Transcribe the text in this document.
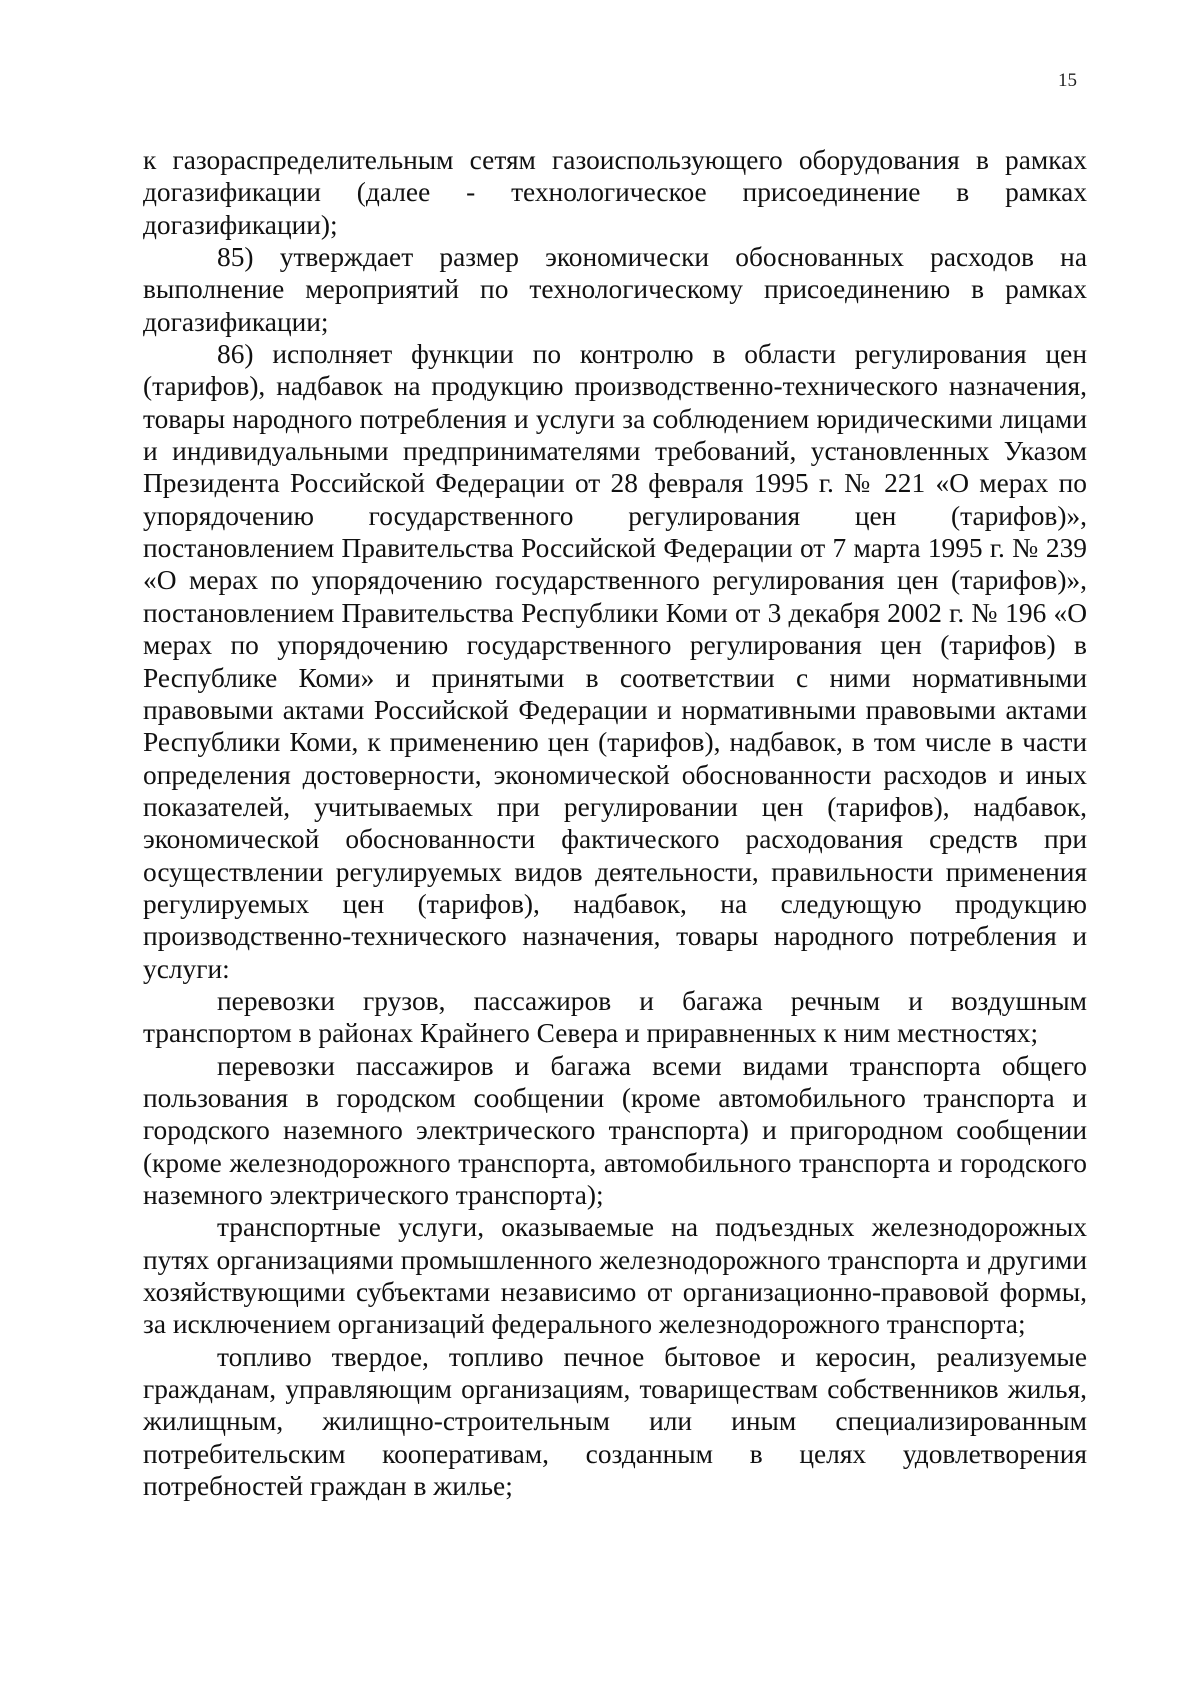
15

к газораспределительным сетям газоиспользующего оборудования в рамках догазификации (далее - технологическое присоединение в рамках догазификации);

85) утверждает размер экономически обоснованных расходов на выполнение мероприятий по технологическому присоединению в рамках догазификации;

86) исполняет функции по контролю в области регулирования цен (тарифов), надбавок на продукцию производственно-технического назначения, товары народного потребления и услуги за соблюдением юридическими лицами и индивидуальными предпринимателями требований, установленных Указом Президента Российской Федерации от 28 февраля 1995 г. № 221 «О мерах по упорядочению государственного регулирования цен (тарифов)», постановлением Правительства Российской Федерации от 7 марта 1995 г. № 239 «О мерах по упорядочению государственного регулирования цен (тарифов)», постановлением Правительства Республики Коми от 3 декабря 2002 г. № 196 «О мерах по упорядочению государственного регулирования цен (тарифов) в Республике Коми» и принятыми в соответствии с ними нормативными правовыми актами Российской Федерации и нормативными правовыми актами Республики Коми, к применению цен (тарифов), надбавок, в том числе в части определения достоверности, экономической обоснованности расходов и иных показателей, учитываемых при регулировании цен (тарифов), надбавок, экономической обоснованности фактического расходования средств при осуществлении регулируемых видов деятельности, правильности применения регулируемых цен (тарифов), надбавок, на следующую продукцию производственно-технического назначения, товары народного потребления и услуги:

перевозки грузов, пассажиров и багажа речным и воздушным транспортом в районах Крайнего Севера и приравненных к ним местностях;

перевозки пассажиров и багажа всеми видами транспорта общего пользования в городском сообщении (кроме автомобильного транспорта и городского наземного электрического транспорта) и пригородном сообщении (кроме железнодорожного транспорта, автомобильного транспорта и городского наземного электрического транспорта);

транспортные услуги, оказываемые на подъездных железнодорожных путях организациями промышленного железнодорожного транспорта и другими хозяйствующими субъектами независимо от организационно-правовой формы, за исключением организаций федерального железнодорожного транспорта;

топливо твердое, топливо печное бытовое и керосин, реализуемые гражданам, управляющим организациям, товариществам собственников жилья, жилищным, жилищно-строительным или иным специализированным потребительским кооперативам, созданным в целях удовлетворения потребностей граждан в жилье;
